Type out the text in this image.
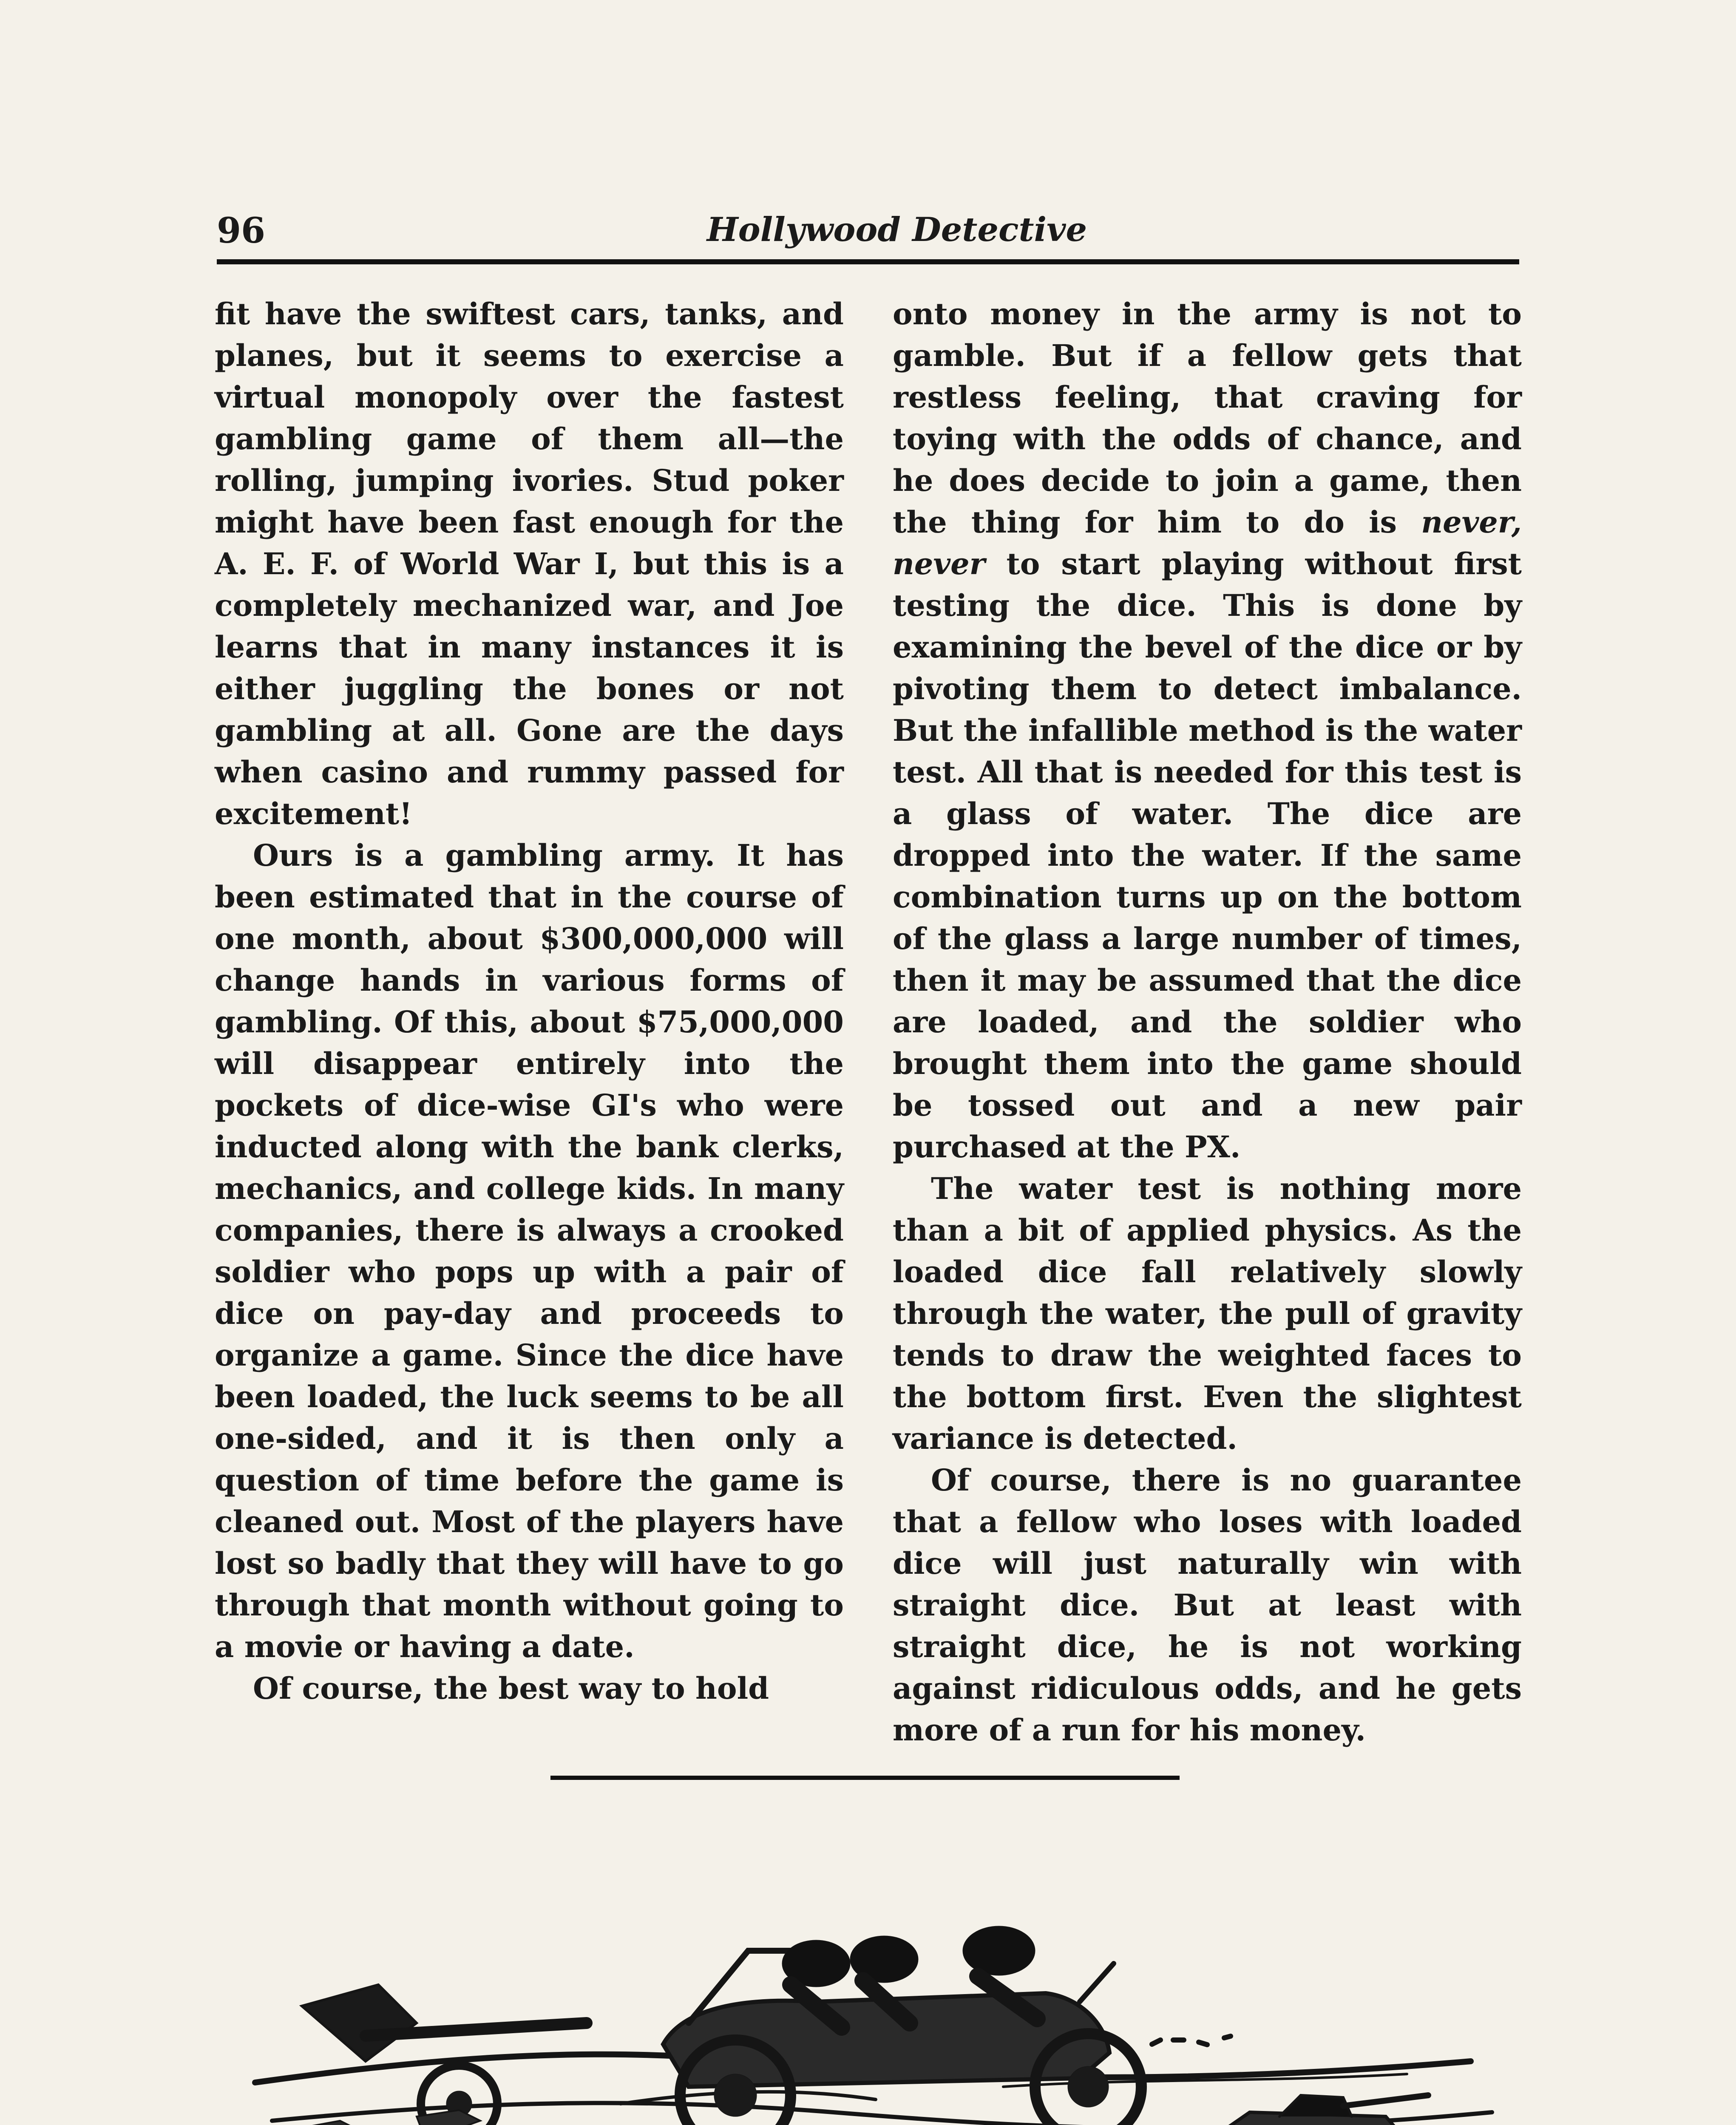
96	Hollywood Detective

fit have the swiftest cars, tanks, and planes, but it seems to exercise a virtual monopoly over the fastest gambling game of them all—the rolling, jumping ivories. Stud poker might have been fast enough for the A. E. F. of World War I, but this is a completely mechanized war, and Joe learns that in many instances it is either juggling the bones or not gambling at all. Gone are the days when casino and rummy passed for excitement!

Ours is a gambling army. It has been estimated that in the course of one month, about $300,000,000 will change hands in various forms of gambling. Of this, about $75,000,000 will disappear entirely into the pockets of dice-wise GI's who were inducted along with the bank clerks, mechanics, and college kids. In many companies, there is always a crooked soldier who pops up with a pair of dice on pay-day and proceeds to organize a game. Since the dice have been loaded, the luck seems to be all one-sided, and it is then only a question of time before the game is cleaned out. Most of the players have lost so badly that they will have to go through that month without going to a movie or having a date.

Of course, the best way to hold

onto money in the army is not to gamble. But if a fellow gets that restless feeling, that craving for toying with the odds of chance, and he does decide to join a game, then the thing for him to do is never, never to start playing without first testing the dice. This is done by examining the bevel of the dice or by pivoting them to detect imbalance. But the infallible method is the water test. All that is needed for this test is a glass of water. The dice are dropped into the water. If the same combination turns up on the bottom of the glass a large number of times, then it may be assumed that the dice are loaded, and the soldier who brought them into the game should be tossed out and a new pair purchased at the PX.

The water test is nothing more than a bit of applied physics. As the loaded dice fall relatively slowly through the water, the pull of gravity tends to draw the weighted faces to the bottom first. Even the slightest variance is detected.

Of course, there is no guarantee that a fellow who loses with loaded dice will just naturally win with straight dice. But at least with straight dice, he is not working against ridiculous odds, and he gets more of a run for his money.
